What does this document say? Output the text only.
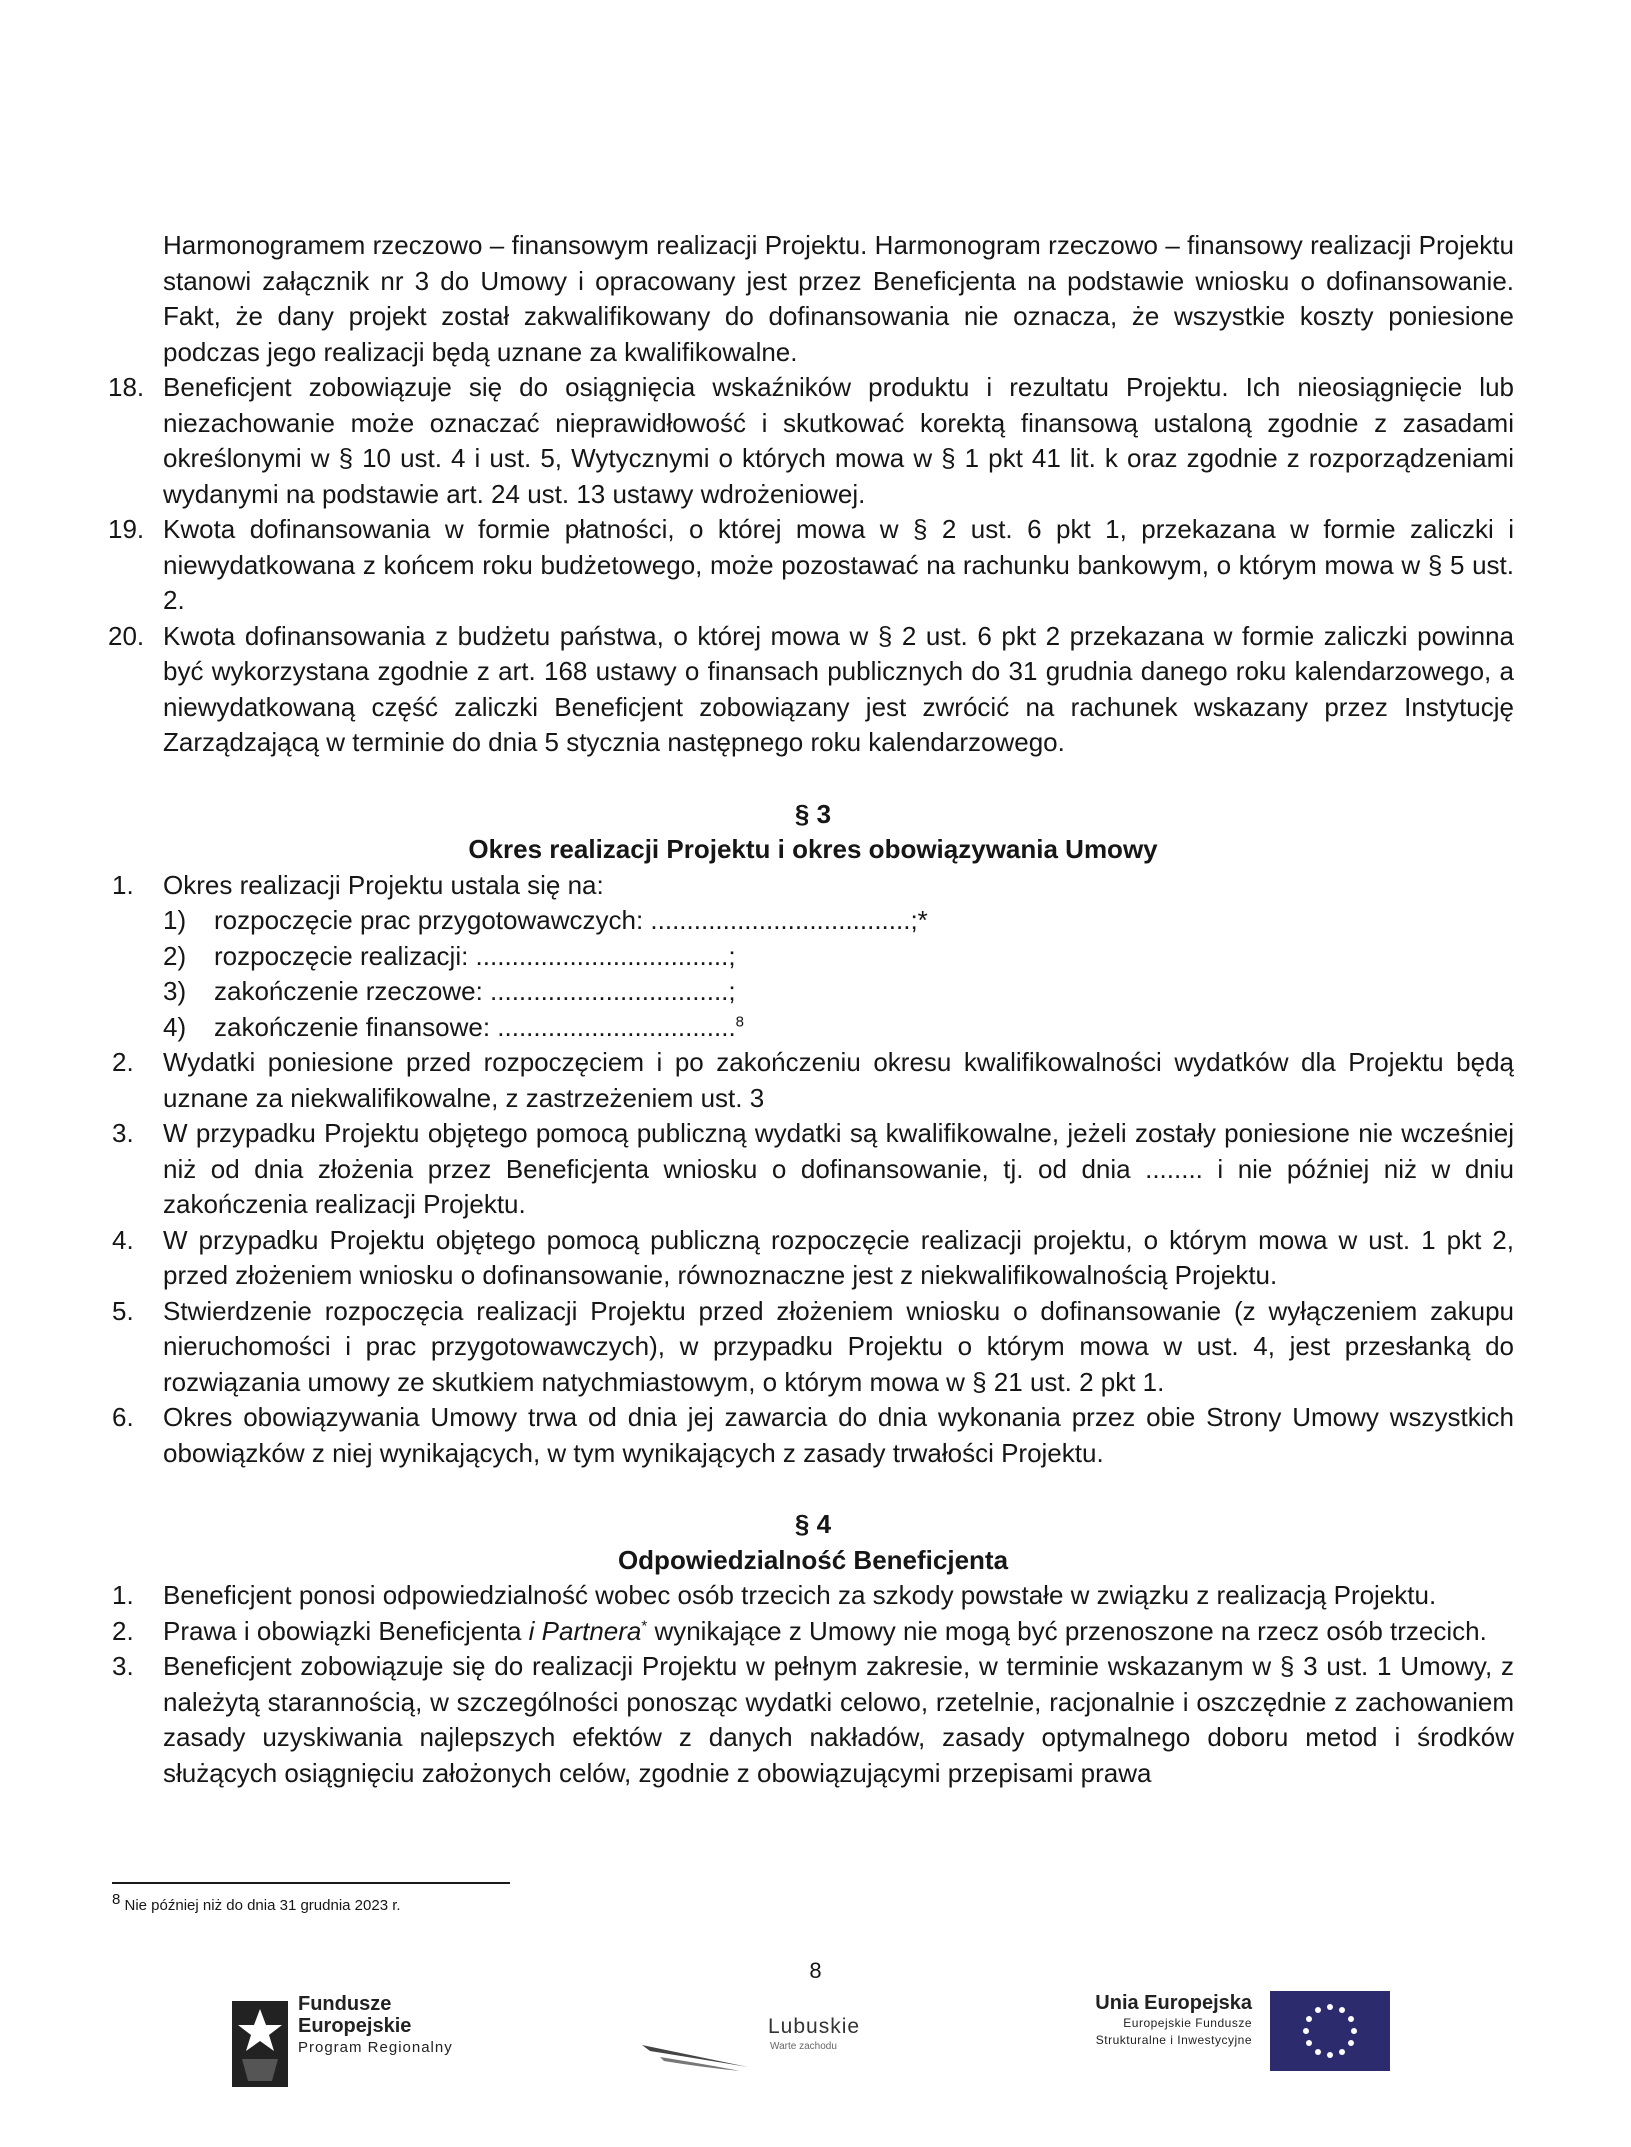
Harmonogramem rzeczowo – finansowym realizacji Projektu. Harmonogram rzeczowo – finansowy realizacji Projektu stanowi załącznik nr 3 do Umowy i opracowany jest przez Beneficjenta na podstawie wniosku o dofinansowanie. Fakt, że dany projekt został zakwalifikowany do dofinansowania nie oznacza, że wszystkie koszty poniesione podczas jego realizacji będą uznane za kwalifikowalne.

18. Beneficjent zobowiązuje się do osiągnięcia wskaźników produktu i rezultatu Projektu. Ich nieosiągnięcie lub niezachowanie może oznaczać nieprawidłowość i skutkować korektą finansową ustaloną zgodnie z zasadami określonymi w § 10 ust. 4 i ust. 5, Wytycznymi o których mowa w § 1 pkt 41 lit. k oraz zgodnie z rozporządzeniami wydanymi na podstawie art. 24 ust. 13 ustawy wdrożeniowej.
19. Kwota dofinansowania w formie płatności, o której mowa w § 2 ust. 6 pkt 1, przekazana w formie zaliczki i niewydatkowana z końcem roku budżetowego, może pozostawać na rachunku bankowym, o którym mowa w § 5 ust. 2.
20. Kwota dofinansowania z budżetu państwa, o której mowa w § 2 ust. 6 pkt 2 przekazana w formie zaliczki powinna być wykorzystana zgodnie z art. 168 ustawy o finansach publicznych do 31 grudnia danego roku kalendarzowego, a niewydatkowaną część zaliczki Beneficjent zobowiązany jest zwrócić na rachunek wskazany przez Instytucję Zarządzającą w terminie do dnia 5 stycznia następnego roku kalendarzowego.
§ 3
Okres realizacji Projektu i okres obowiązywania Umowy
1.	Okres realizacji Projektu ustala się na:
1)	rozpoczęcie prac przygotowawczych: ....................................;*
2)	rozpoczęcie realizacji: ...................................;
3)	zakończenie rzeczowe: .................................;
4)	zakończenie finansowe: .................................$^8$
2.	Wydatki poniesione przed rozpoczęciem i po zakończeniu okresu kwalifikowalności wydatków dla Projektu będą uznane za niekwalifikowalne, z zastrzeżeniem ust. 3
3.	W przypadku Projektu objętego pomocą publiczną wydatki są kwalifikowalne, jeżeli zostały poniesione nie wcześniej niż od dnia złożenia przez Beneficjenta wniosku o dofinansowanie, tj. od dnia ........ i nie później niż w dniu zakończenia realizacji Projektu.
4.	W przypadku Projektu objętego pomocą publiczną rozpoczęcie realizacji projektu, o którym mowa w ust. 1 pkt 2, przed złożeniem wniosku o dofinansowanie, równoznaczne jest z niekwalifikowalnością Projektu.
5.	Stwierdzenie rozpoczęcia realizacji Projektu przed złożeniem wniosku o dofinansowanie (z wyłączeniem zakupu nieruchomości i prac przygotowawczych), w przypadku Projektu o którym mowa w ust. 4, jest przesłanką do rozwiązania umowy ze skutkiem natychmiastowym, o którym mowa w § 21 ust. 2 pkt 1.
6.	Okres obowiązywania Umowy trwa od dnia jej zawarcia do dnia wykonania przez obie Strony Umowy wszystkich obowiązków z niej wynikających, w tym wynikających z zasady trwałości Projektu.
§ 4
Odpowiedzialność Beneficjenta
1.	Beneficjent ponosi odpowiedzialność wobec osób trzecich za szkody powstałe w związku z realizacją Projektu.
2.	Prawa i obowiązki Beneficjenta i Partnera* wynikające z Umowy nie mogą być przenoszone na rzecz osób trzecich.
3.	Beneficjent zobowiązuje się do realizacji Projektu w pełnym zakresie, w terminie wskazanym w § 3 ust. 1 Umowy, z należytą starannością, w szczególności ponosząc wydatki celowo, rzetelnie, racjonalnie i oszczędnie z zachowaniem zasady uzyskiwania najlepszych efektów z danych nakładów, zasady optymalnego doboru metod i środków służących osiągnięciu założonych celów, zgodnie z obowiązującymi przepisami prawa
$^8$ Nie później niż do dnia 31 grudnia 2023 r.
8
Fundusze
Europejskie
Program Regionalny
Lubuskie
Warte zachodu
Unia Europejska
Europejskie Fundusze
Strukturalne i Inwestycyjne
